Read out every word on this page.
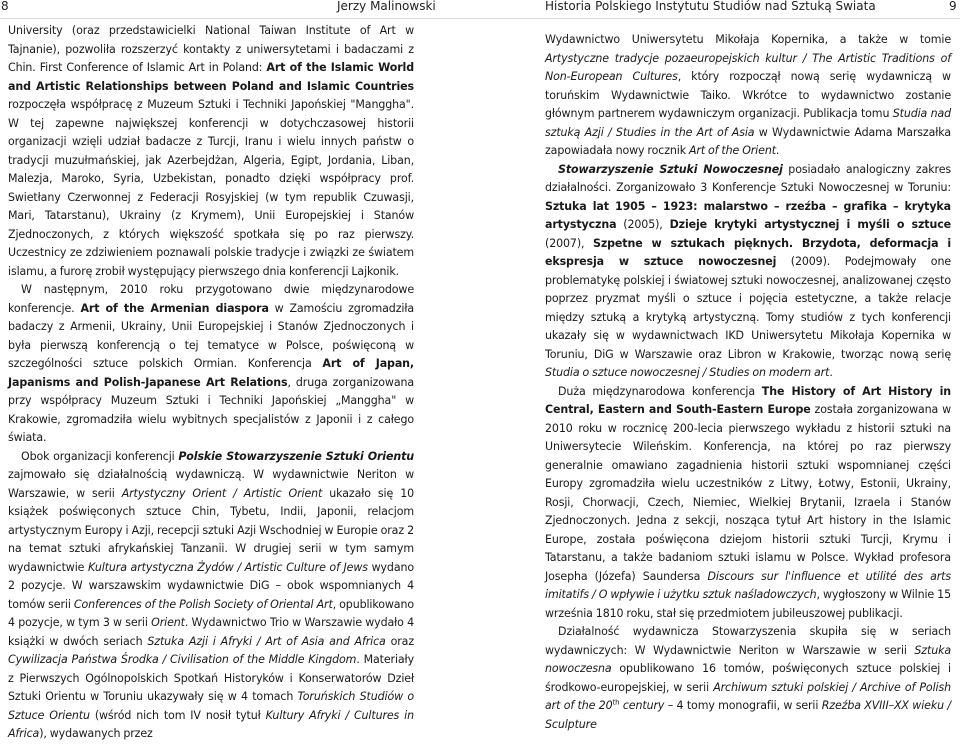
8	Jerzy Malinowski	Historia Polskiego Instytutu Studiów nad Sztuką Świata	9

University (oraz przedstawicielki National Taiwan Institute of Art w Tajnanie), pozwoliła rozszerzyć kontakty z uniwersytetami i badaczami z Chin. First Conference of Islamic Art in Poland: Art of the Islamic World and Artistic Relationships between Poland and Islamic Countries rozpoczęła współpracę z Muzeum Sztuki i Techniki Japońskiej "Manggha". W tej zapewne największej konferencji w dotychczasowej historii organizacji wzięli udział badacze z Turcji, Iranu i wielu innych państw o tradycji muzułmańskiej, jak Azerbejdżan, Algeria, Egipt, Jordania, Liban, Malezja, Maroko, Syria, Uzbekistan, ponadto dzięki współpracy prof. Swietłany Czerwonnej z Federacji Rosyjskiej (w tym republik Czuwasji, Mari, Tatarstanu), Ukrainy (z Krymem), Unii Europejskiej i Stanów Zjednoczonych, z których większość spotkała się po raz pierwszy. Uczestnicy ze zdziwieniem poznawali polskie tradycje i związki ze światem islamu, a furorę zrobił występujący pierwszego dnia konferencji Lajkonik.

W następnym, 2010 roku przygotowano dwie międzynarodowe konferencje. Art of the Armenian diaspora w Zamościu zgromadziła badaczy z Armenii, Ukrainy, Unii Europejskiej i Stanów Zjednoczonych i była pierwszą konferencją o tej tematyce w Polsce, poświęconą w szczególności sztuce polskich Ormian. Konferencja Art of Japan, Japanisms and Polish-Japanese Art Relations, druga zorganizowana przy współpracy Muzeum Sztuki i Techniki Japońskiej „Manggha" w Krakowie, zgromadziła wielu wybitnych specjalistów z Japonii i z całego świata.

Obok organizacji konferencji Polskie Stowarzyszenie Sztuki Orientu zajmowało się działalnością wydawniczą. W wydawnictwie Neriton w Warszawie, w serii Artystyczny Orient / Artistic Orient ukazało się 10 książek poświęconych sztuce Chin, Tybetu, Indii, Japonii, relacjom artystycznym Europy i Azji, recepcji sztuki Azji Wschodniej w Europie oraz 2 na temat sztuki afrykańskiej Tanzanii. W drugiej serii w tym samym wydawnictwie Kultura artystyczna Żydów / Artistic Culture of Jews wydano 2 pozycje. W warszawskim wydawnictwie DiG – obok wspomnianych 4 tomów serii Conferences of the Polish Society of Oriental Art, opublikowano 4 pozycje, w tym 3 w serii Orient. Wydawnictwo Trio w Warszawie wydało 4 książki w dwóch seriach Sztuka Azji i Afryki / Art of Asia and Africa oraz Cywilizacja Państwa Środka / Civilisation of the Middle Kingdom. Materiały z Pierwszych Ogólnopolskich Spotkań Historyków i Konserwatorów Dzieł Sztuki Orientu w Toruniu ukazywały się w 4 tomach Toruńskich Studiów o Sztuce Orientu (wśród nich tom IV nosił tytuł Kultury Afryki / Cultures in Africa), wydawanych przez

Wydawnictwo Uniwersytetu Mikołaja Kopernika, a także w tomie Artystyczne tradycje pozaeuropejskich kultur / The Artistic Traditions of Non-European Cultures, który rozpoczął nową serię wydawniczą w toruńskim Wydawnictwie Taiko. Wkrótce to wydawnictwo zostanie głównym partnerem wydawniczym organizacji. Publikacja tomu Studia nad sztuką Azji / Studies in the Art of Asia w Wydawnictwie Adama Marszałka zapowiadała nowy rocznik Art of the Orient.

Stowarzyszenie Sztuki Nowoczesnej posiadało analogiczny zakres działalności. Zorganizowało 3 Konferencje Sztuki Nowoczesnej w Toruniu: Sztuka lat 1905 – 1923: malarstwo – rzeźba – grafika – krytyka artystyczna (2005), Dzieje krytyki artystycznej i myśli o sztuce (2007), Szpetne w sztukach pięknych. Brzydota, deformacja i ekspresja w sztuce nowoczesnej (2009). Podejmowały one problematykę polskiej i światowej sztuki nowoczesnej, analizowanej często poprzez pryzmat myśli o sztuce i pojęcia estetyczne, a także relacje między sztuką a krytyką artystyczną. Tomy studiów z tych konferencji ukazały się w wydawnictwach IKD Uniwersytetu Mikołaja Kopernika w Toruniu, DiG w Warszawie oraz Libron w Krakowie, tworząc nową serię Studia o sztuce nowoczesnej / Studies on modern art.

Duża międzynarodowa konferencja The History of Art History in Central, Eastern and South-Eastern Europe została zorganizowana w 2010 roku w rocznicę 200-lecia pierwszego wykładu z historii sztuki na Uniwersytecie Wileńskim. Konferencja, na której po raz pierwszy generalnie omawiano zagadnienia historii sztuki wspomnianej części Europy zgromadziła wielu uczestników z Litwy, Łotwy, Estonii, Ukrainy, Rosji, Chorwacji, Czech, Niemiec, Wielkiej Brytanii, Izraela i Stanów Zjednoczonych. Jedna z sekcji, nosząca tytuł Art history in the Islamic Europe, została poświęcona dziejom historii sztuki Turcji, Krymu i Tatarstanu, a także badaniom sztuki islamu w Polsce. Wykład profesora Josepha (Józefa) Saundersa Discours sur l'influence et utilité des arts imitatifs / O wpływie i użytku sztuk naśladowczych, wygłoszony w Wilnie 15 września 1810 roku, stał się przedmiotem jubileuszowej publikacji.

Działalność wydawnicza Stowarzyszenia skupiła się w seriach wydawniczych: W Wydawnictwie Neriton w Warszawie w serii Sztuka nowoczesna opublikowano 16 tomów, poświęconych sztuce polskiej i środkowo-europejskiej, w serii Archiwum sztuki polskiej / Archive of Polish art of the 20th century – 4 tomy monografii, w serii Rzeźba XVIII–XX wieku / Sculpture
